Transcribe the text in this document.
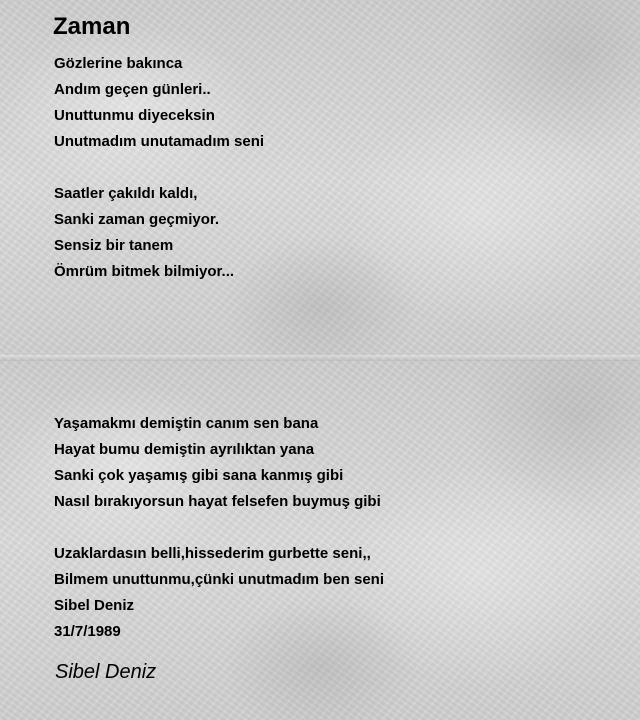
Zaman
Gözlerine bakınca
Andım geçen günleri..
Unuttunmu diyeceksin
Unutmadım unutamadım seni
Saatler çakıldı kaldı,
Sanki zaman geçmiyor.
Sensiz bir tanem
Ömrüm bitmek bilmiyor...
Yaşamakmı demiştin canım sen bana
Hayat bumu demiştin ayrılıktan yana
Sanki çok yaşamış gibi sana kanmış gibi
Nasıl bırakıyorsun hayat felsefen buymuş gibi
Uzaklardasın belli,hissederim gurbette seni,,
Bilmem unuttunmu,çünki unutmadım ben seni
Sibel Deniz
31/7/1989

Sibel Deniz
